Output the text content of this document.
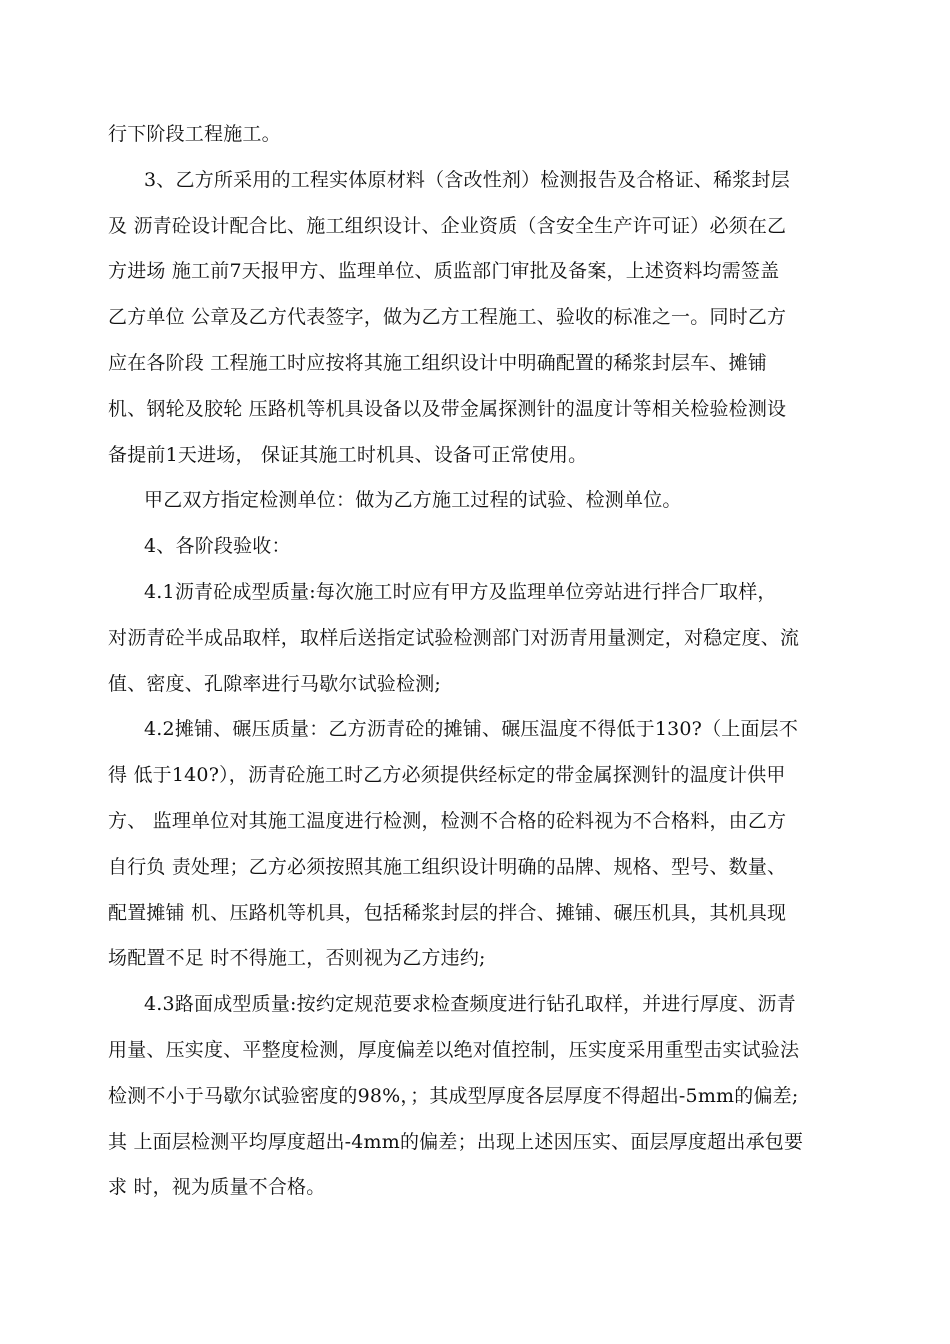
行下阶段工程施工。
3、乙方所采用的工程实体原材料（含改性剂）检测报告及合格证、稀浆封层
及 沥青砼设计配合比、施工组织设计、企业资质（含安全生产许可证）必须在乙
方进场 施工前7天报甲方、监理单位、质监部门审批及备案，上述资料均需签盖
乙方单位 公章及乙方代表签字，做为乙方工程施工、验收的标准之一。同时乙方
应在各阶段 工程施工时应按将其施工组织设计中明确配置的稀浆封层车、摊铺
机、钢轮及胶轮 压路机等机具设备以及带金属探测针的温度计等相关检验检测设
备提前1天进场， 保证其施工时机具、设备可正常使用。
甲乙双方指定检测单位：做为乙方施工过程的试验、检测单位。
4、各阶段验收：
4.1沥青砼成型质量:每次施工时应有甲方及监理单位旁站进行拌合厂取样，
对沥青砼半成品取样，取样后送指定试验检测部门对沥青用量测定，对稳定度、流
值、密度、孔隙率进行马歇尔试验检测;
4.2摊铺、碾压质量：乙方沥青砼的摊铺、碾压温度不得低于130?（上面层不
得 低于140?），沥青砼施工时乙方必须提供经标定的带金属探测针的温度计供甲
方、 监理单位对其施工温度进行检测，检测不合格的砼料视为不合格料，由乙方
自行负 责处理；乙方必须按照其施工组织设计明确的品牌、规格、型号、数量、
配置摊铺 机、压路机等机具，包括稀浆封层的拌合、摊铺、碾压机具，其机具现
场配置不足 时不得施工，否则视为乙方违约;
4.3路面成型质量:按约定规范要求检查频度进行钻孔取样，并进行厚度、沥青
用量、压实度、平整度检测，厚度偏差以绝对值控制，压实度采用重型击实试验法
检测不小于马歇尔试验密度的98%，；其成型厚度各层厚度不得超出-5mm的偏差;
其 上面层检测平均厚度超出-4mm的偏差；出现上述因压实、面层厚度超出承包要
求 时，视为质量不合格。
